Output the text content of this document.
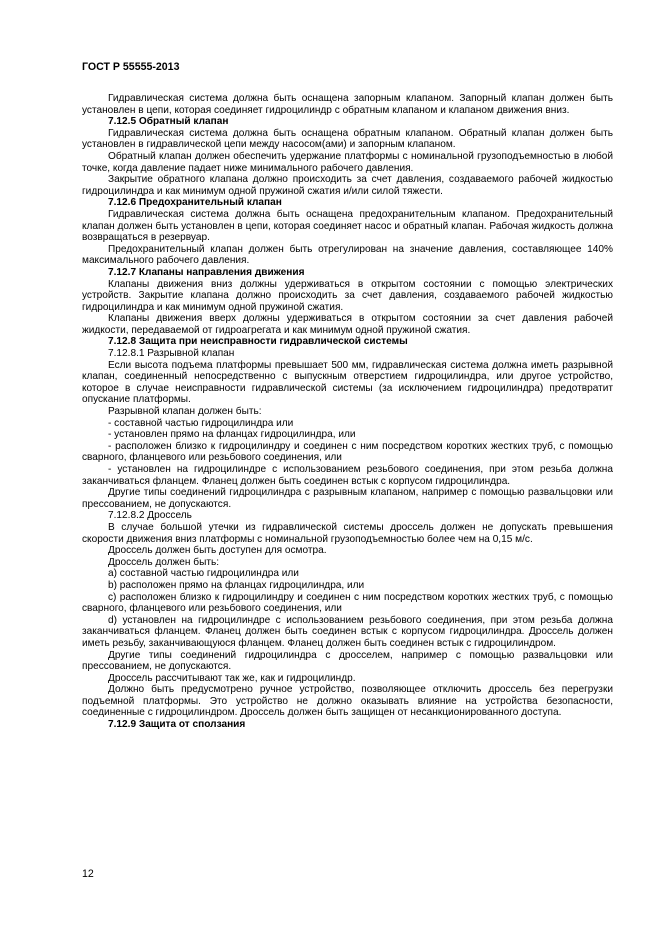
ГОСТ Р 55555-2013

Гидравлическая система должна быть оснащена запорным клапаном. Запорный клапан должен быть установлен в цепи, которая соединяет гидроцилиндр с обратным клапаном и клапаном движения вниз.

7.12.5 Обратный клапан

Гидравлическая система должна быть оснащена обратным клапаном. Обратный клапан должен быть установлен в гидравлической цепи между насосом(ами) и запорным клапаном.

Обратный клапан должен обеспечить удержание платформы с номинальной грузоподъемностью в любой точке, когда давление падает ниже минимального рабочего давления.

Закрытие обратного клапана должно происходить за счет давления, создаваемого рабочей жидкостью гидроцилиндра и как минимум одной пружиной сжатия и/или силой тяжести.

7.12.6 Предохранительный клапан

Гидравлическая система должна быть оснащена предохранительным клапаном. Предохранительный клапан должен быть установлен в цепи, которая соединяет насос и обратный клапан. Рабочая жидкость должна возвращаться в резервуар.

Предохранительный клапан должен быть отрегулирован на значение давления, составляющее 140% максимального рабочего давления.

7.12.7 Клапаны направления движения

Клапаны движения вниз должны удерживаться в открытом состоянии с помощью электрических устройств. Закрытие клапана должно происходить за счет давления, создаваемого рабочей жидкостью гидроцилиндра и как минимум одной пружиной сжатия.

Клапаны движения вверх должны удерживаться в открытом состоянии за счет давления рабочей жидкости, передаваемой от гидроагрегата и как минимум одной пружиной сжатия.

7.12.8 Защита при неисправности гидравлической системы

7.12.8.1 Разрывной клапан

Если высота подъема платформы превышает 500 мм, гидравлическая система должна иметь разрывной клапан, соединенный непосредственно с выпускным отверстием гидроцилиндра, или другое устройство, которое в случае неисправности гидравлической системы (за исключением гидроцилиндра) предотвратит опускание платформы.

Разрывной клапан должен быть:

- составной частью гидроцилиндра или

- установлен прямо на фланцах гидроцилиндра, или

- расположен близко к гидроцилиндру и соединен с ним посредством коротких жестких труб, с помощью сварного, фланцевого или резьбового соединения, или

- установлен на гидроцилиндре с использованием резьбового соединения, при этом резьба должна заканчиваться фланцем. Фланец должен быть соединен встык с корпусом гидроцилиндра.

Другие типы соединений гидроцилиндра с разрывным клапаном, например с помощью развальцовки или прессованием, не допускаются.

7.12.8.2 Дроссель

В случае большой утечки из гидравлической системы дроссель должен не допускать превышения скорости движения вниз платформы с номинальной грузоподъемностью более чем на 0,15 м/с.

Дроссель должен быть доступен для осмотра.

Дроссель должен быть:

a) составной частью гидроцилиндра или

b) расположен прямо на фланцах гидроцилиндра, или

c) расположен близко к гидроцилиндру и соединен с ним посредством коротких жестких труб, с помощью сварного, фланцевого или резьбового соединения, или

d) установлен на гидроцилиндре с использованием резьбового соединения, при этом резьба должна заканчиваться фланцем. Фланец должен быть соединен встык с корпусом гидроцилиндра. Дроссель должен иметь резьбу, заканчивающуюся фланцем. Фланец должен быть соединен встык с гидроцилиндром.

Другие типы соединений гидроцилиндра с дросселем, например с помощью развальцовки или прессованием, не допускаются.

Дроссель рассчитывают так же, как и гидроцилиндр.

Должно быть предусмотрено ручное устройство, позволяющее отключить дроссель без перегрузки подъемной платформы. Это устройство не должно оказывать влияние на устройства безопасности, соединенные с гидроцилиндром. Дроссель должен быть защищен от несанкционированного доступа.

7.12.9 Защита от сползания

12
